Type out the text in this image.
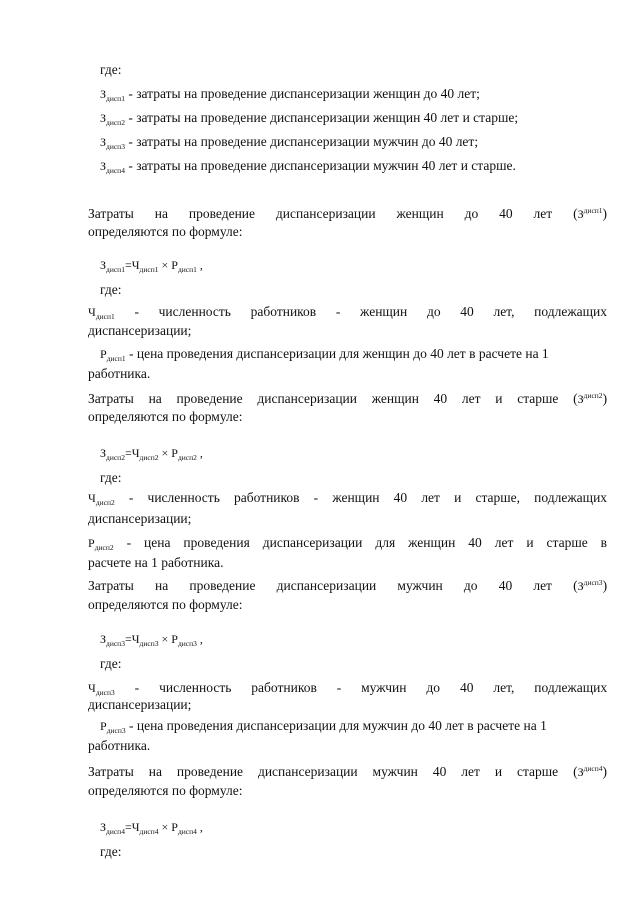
где:
$З_{дисп1}$ - затраты на проведение диспансеризации женщин до 40 лет;
$З_{дисп2}$ - затраты на проведение диспансеризации женщин 40 лет и старше;
$З_{дисп3}$ - затраты на проведение диспансеризации мужчин до 40 лет;
$З_{дисп4}$ - затраты на проведение диспансеризации мужчин 40 лет и старше.
Затраты на проведение диспансеризации женщин до 40 лет $(З^{дисп1})$
определяются по формуле:
$З_{дисп1}=Ч_{дисп1} \times Р_{дисп1}$ ,
где:
$Ч_{дисп1}$ - численность работников - женщин до 40 лет, подлежащих
диспансеризации;
$Р_{дисп1}$ - цена проведения диспансеризации для женщин до 40 лет в расчете на 1
работника.
Затраты на проведение диспансеризации женщин 40 лет и старше $(З^{дисп2})$
определяются по формуле:
$З_{дисп2}=Ч_{дисп2} \times Р_{дисп2}$ ,
где:
$Ч_{дисп2}$ - численность работников - женщин 40 лет и старше, подлежащих
диспансеризации;
$Р_{дисп2}$ - цена проведения диспансеризации для женщин 40 лет и старше в
расчете на 1 работника.
Затраты на проведение диспансеризации мужчин до 40 лет $(З^{дисп3})$
определяются по формуле:
$З_{дисп3}=Ч_{дисп3} \times Р_{дисп3}$ ,
где:
$Ч_{дисп3}$ - численность работников - мужчин до 40 лет, подлежащих
диспансеризации;
$Р_{дисп3}$ - цена проведения диспансеризации для мужчин до 40 лет в расчете на 1
работника.
Затраты на проведение диспансеризации мужчин 40 лет и старше $(З^{дисп4})$
определяются по формуле:
$З_{дисп4}=Ч_{дисп4} \times Р_{дисп4}$ ,
где:
